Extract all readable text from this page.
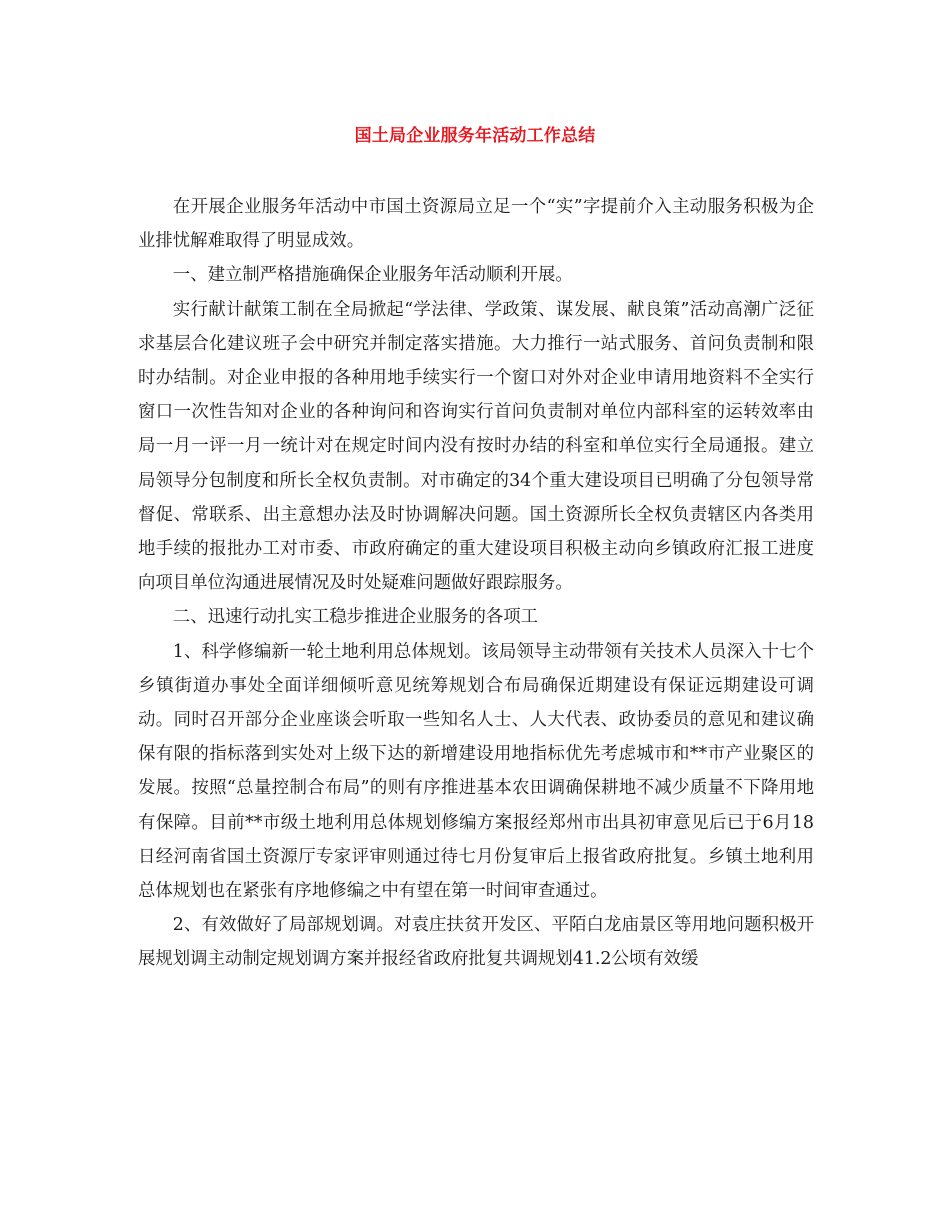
国土局企业服务年活动工作总结

在开展企业服务年活动中市国土资源局立足一个“实”字提前介入主动服务积极为企业排忧解难取得了明显成效。

一、建立制严格措施确保企业服务年活动顺利开展。

实行献计献策工制在全局掀起“学法律、学政策、谋发展、献良策”活动高潮广泛征求基层合化建议班子会中研究并制定落实措施。大力推行一站式服务、首问负责制和限时办结制。对企业申报的各种用地手续实行一个窗口对外对企业申请用地资料不全实行窗口一次性告知对企业的各种询问和咨询实行首问负责制对单位内部科室的运转效率由局一月一评一月一统计对在规定时间内没有按时办结的科室和单位实行全局通报。建立局领导分包制度和所长全权负责制。对市确定的34个重大建设项目已明确了分包领导常督促、常联系、出主意想办法及时协调解决问题。国土资源所长全权负责辖区内各类用地手续的报批办工对市委、市政府确定的重大建设项目积极主动向乡镇政府汇报工进度向项目单位沟通进展情况及时处疑难问题做好跟踪服务。

二、迅速行动扎实工稳步推进企业服务的各项工

1、科学修编新一轮土地利用总体规划。该局领导主动带领有关技术人员深入十七个乡镇街道办事处全面详细倾听意见统筹规划合布局确保近期建设有保证远期建设可调动。同时召开部分企业座谈会听取一些知名人士、人大代表、政协委员的意见和建议确保有限的指标落到实处对上级下达的新增建设用地指标优先考虑城市和**市产业聚区的发展。按照“总量控制合布局”的则有序推进基本农田调确保耕地不减少质量不下降用地有保障。目前**市级土地利用总体规划修编方案报经郑州市出具初审意见后已于6月18日经河南省国土资源厅专家评审则通过待七月份复审后上报省政府批复。乡镇土地利用总体规划也在紧张有序地修编之中有望在第一时间审查通过。

2、有效做好了局部规划调。对袁庄扶贫开发区、平陌白龙庙景区等用地问题积极开展规划调主动制定规划调方案并报经省政府批复共调规划41.2公顷有效缓
